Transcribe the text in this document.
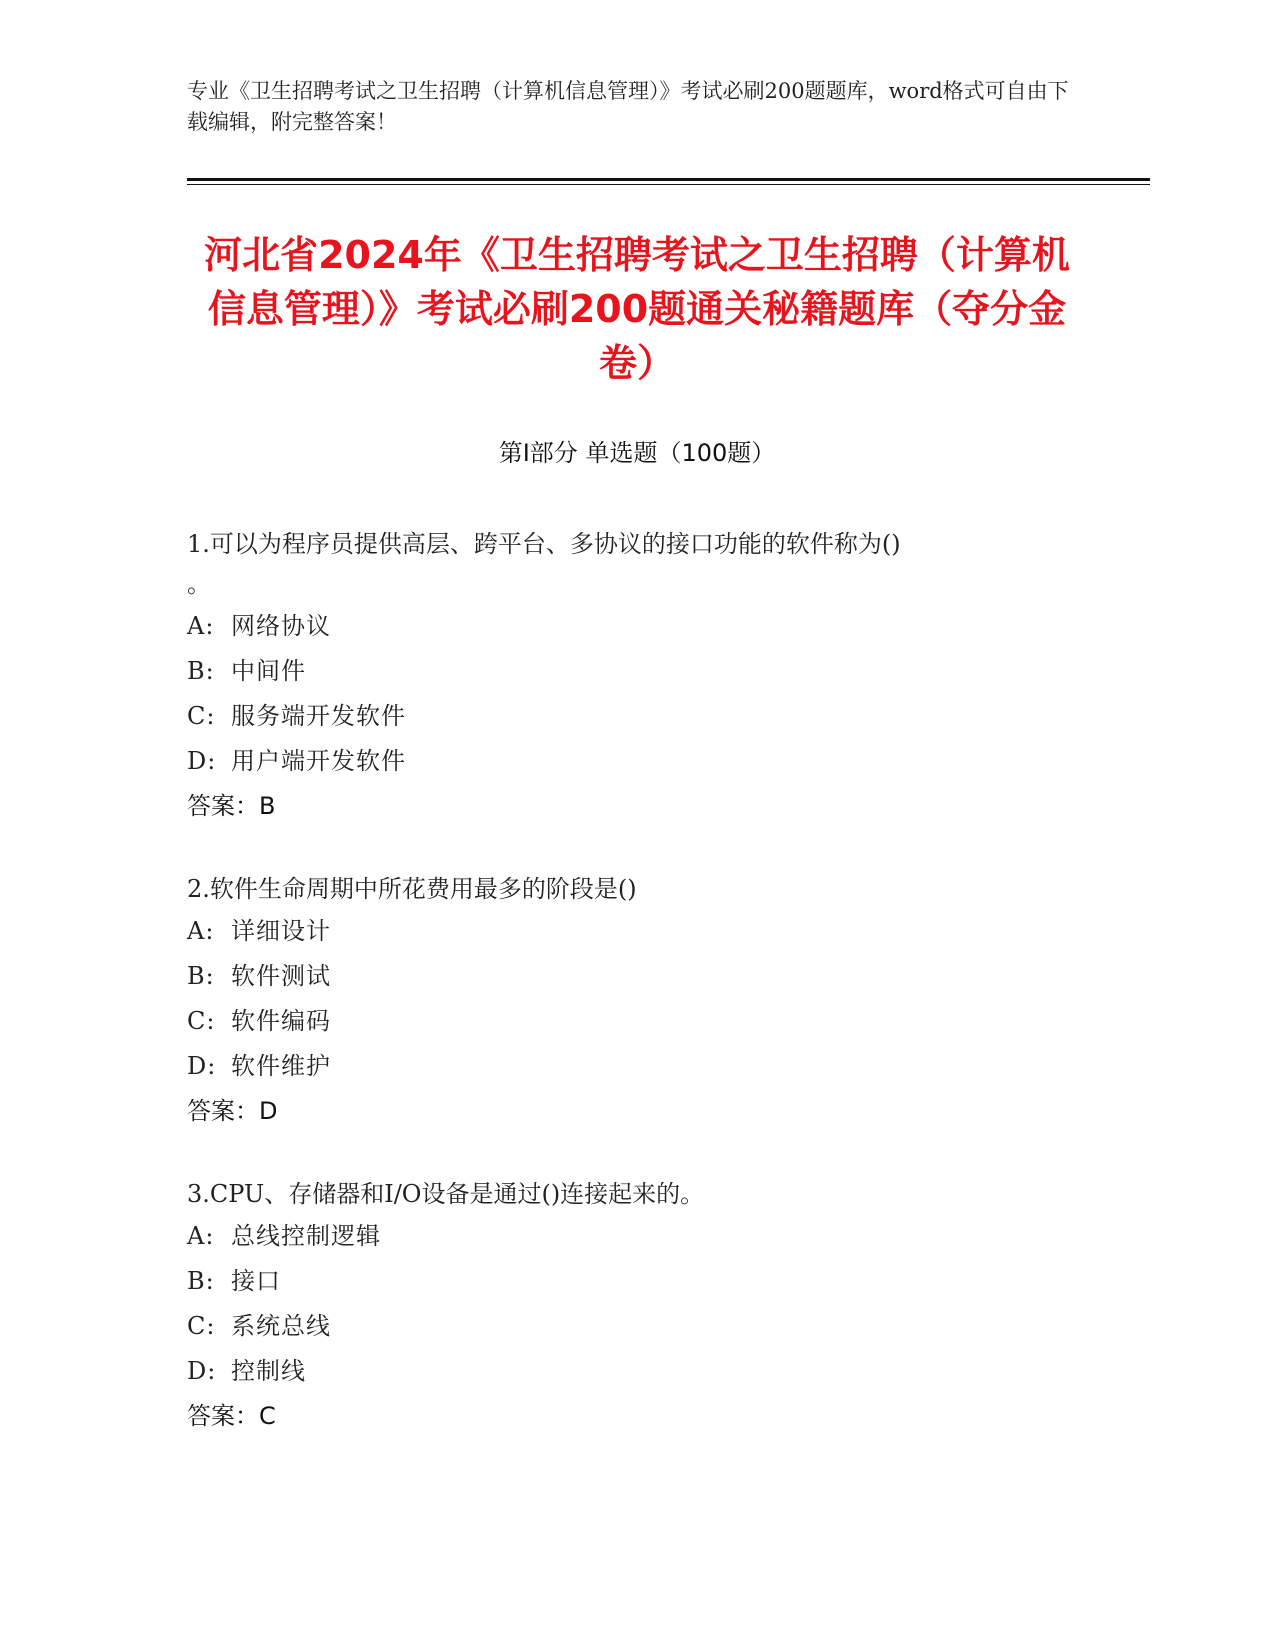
专业《卫生招聘考试之卫生招聘（计算机信息管理）》考试必刷200题题库，word格式可自由下载编辑，附完整答案！
河北省2024年《卫生招聘考试之卫生招聘（计算机信息管理）》考试必刷200题通关秘籍题库（夺分金卷）
第Ⅰ部分 单选题（100题）

1.可以为程序员提供高层、跨平台、多协议的接口功能的软件称为()

。

A: 网络协议

B: 中间件

C: 服务端开发软件

D: 用户端开发软件

答案：B

2.软件生命周期中所花费用最多的阶段是()

A: 详细设计

B: 软件测试

C: 软件编码

D: 软件维护

答案：D

3.CPU、存储器和I/O设备是通过()连接起来的。

A: 总线控制逻辑

B: 接口

C: 系统总线

D: 控制线

答案：C
